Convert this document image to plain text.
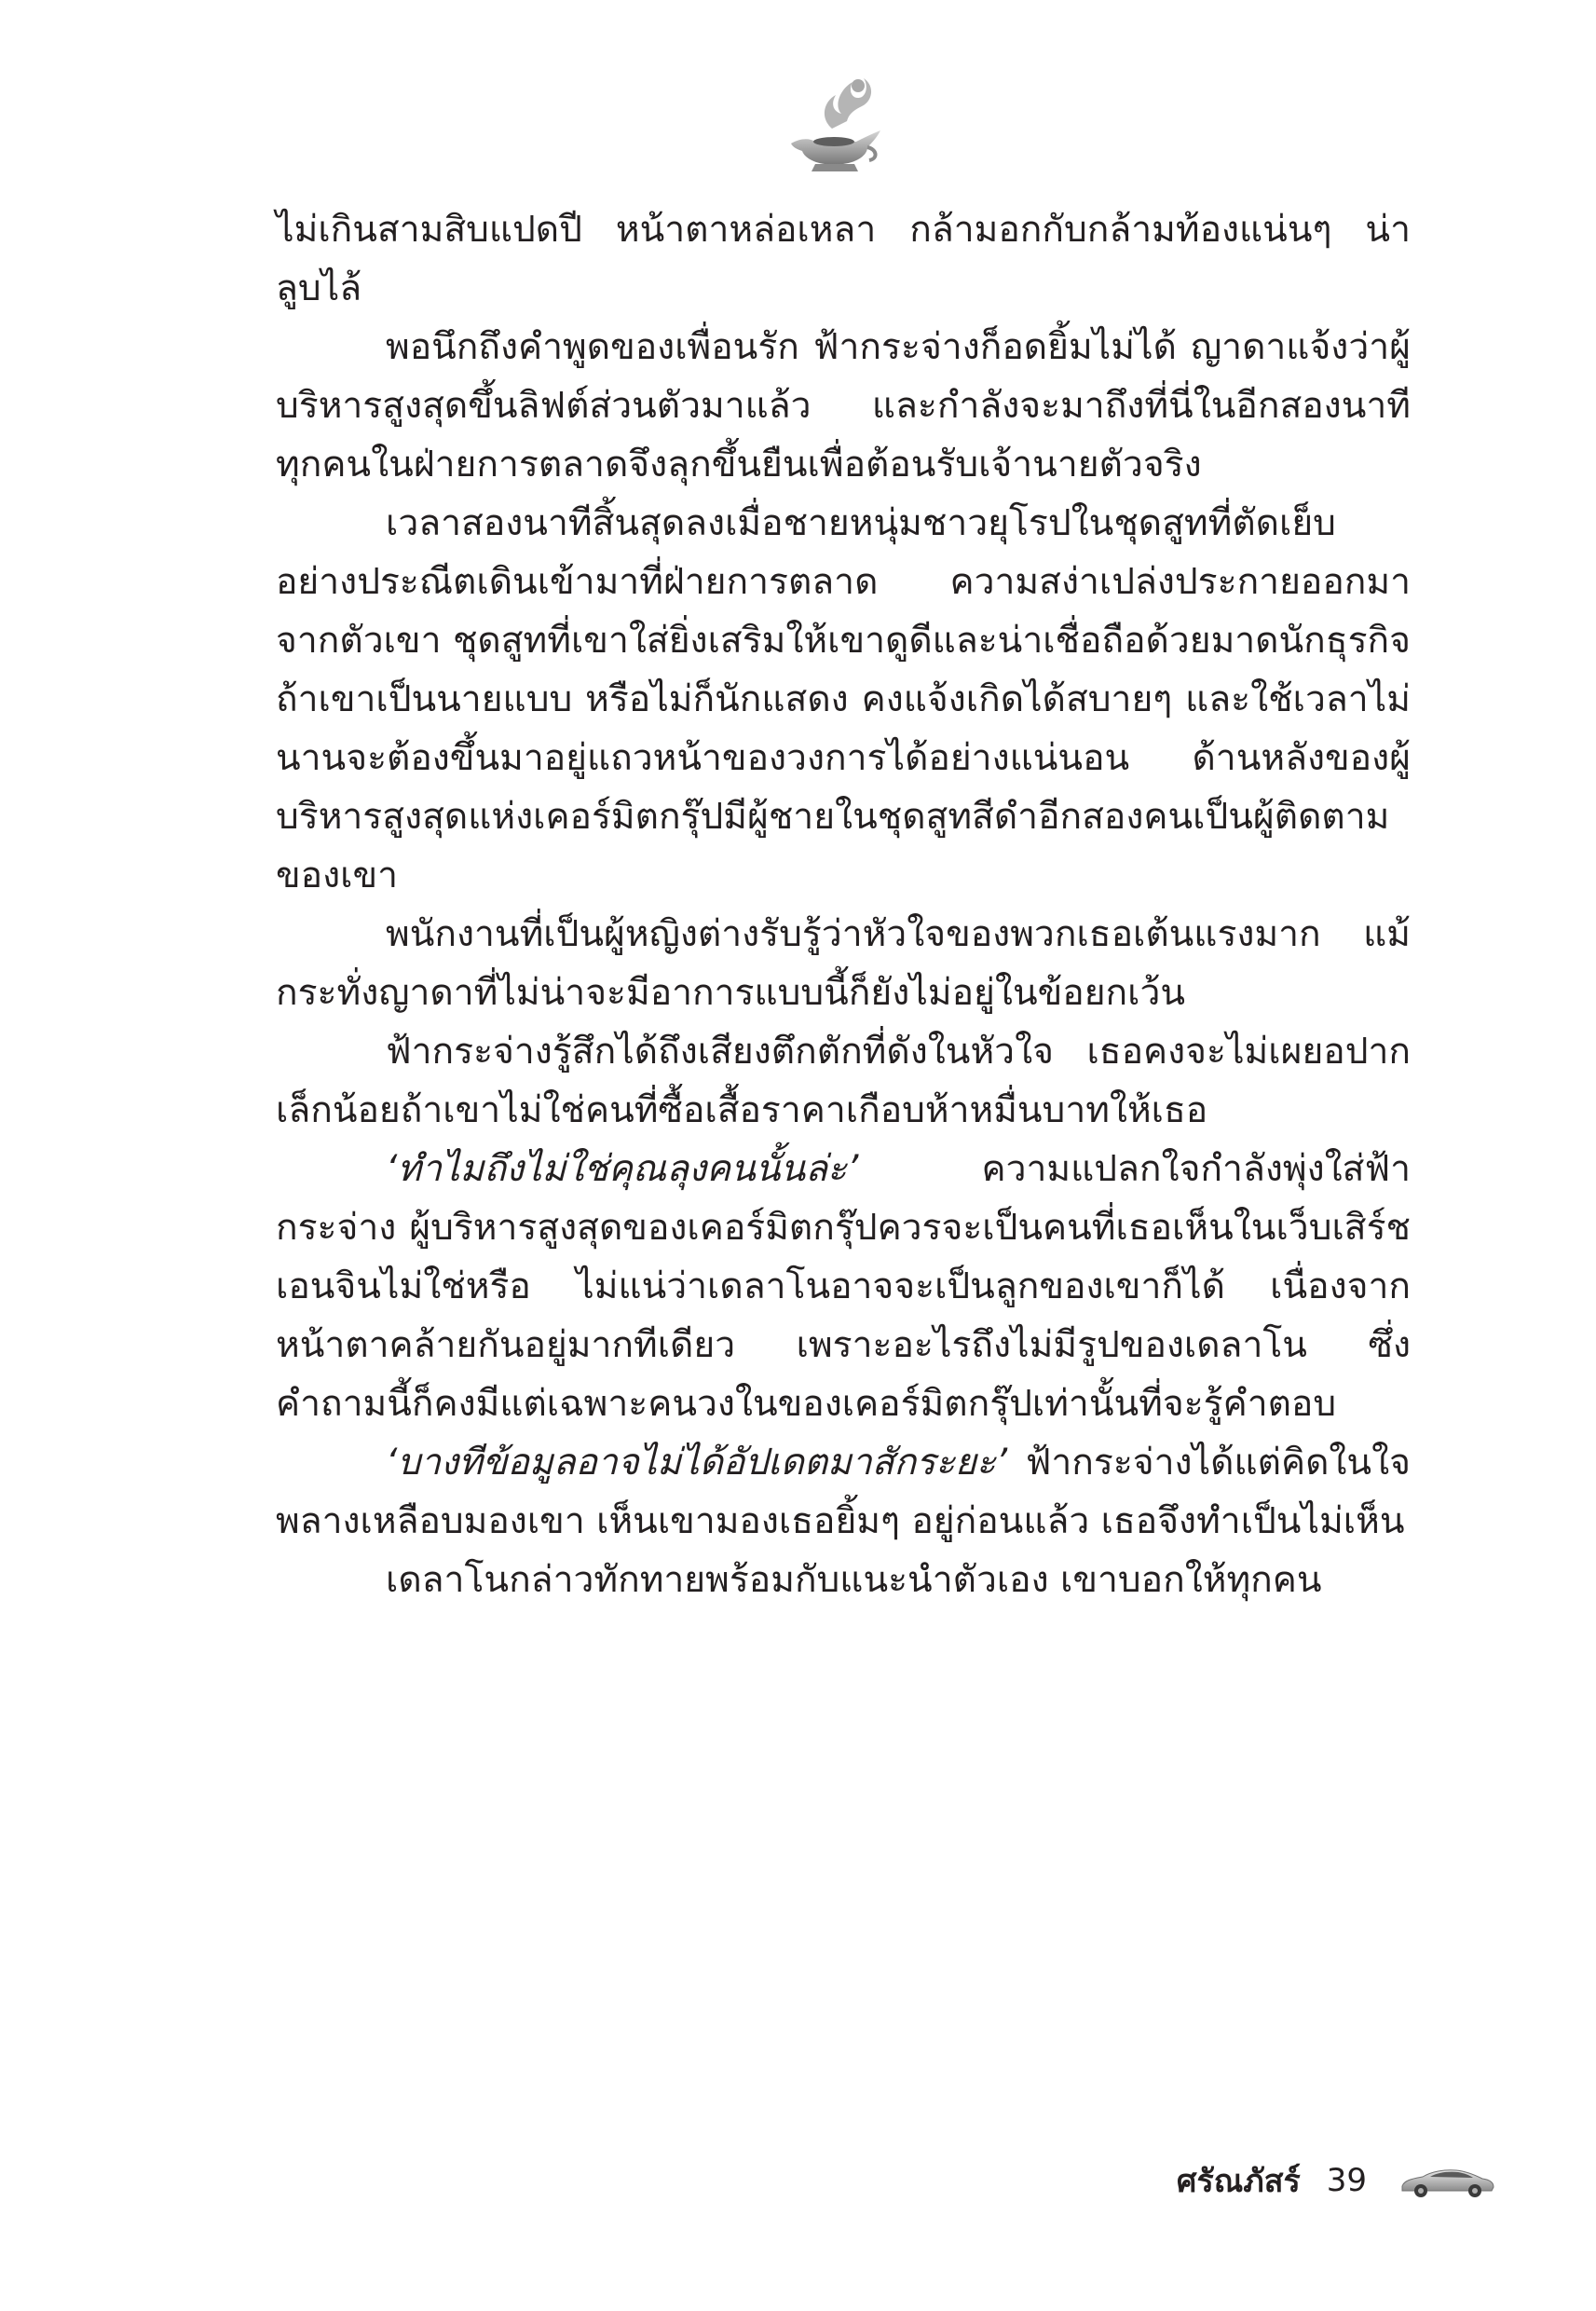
ไม่เกินสามสิบแปดปี หน้าตาหล่อเหลา กล้ามอกกับกล้ามท้องแน่นๆ น่าลูบไล้

พอนึกถึงคำพูดของเพื่อนรัก ฟ้ากระจ่างก็อดยิ้มไม่ได้ ญาดาแจ้งว่าผู้บริหารสูงสุดขึ้นลิฟต์ส่วนตัวมาแล้ว และกำลังจะมาถึงที่นี่ในอีกสองนาที ทุกคนในฝ่ายการตลาดจึงลุกขึ้นยืนเพื่อต้อนรับเจ้านายตัวจริง

เวลาสองนาทีสิ้นสุดลงเมื่อชายหนุ่มชาวยุโรปในชุดสูทที่ตัดเย็บอย่างประณีตเดินเข้ามาที่ฝ่ายการตลาด ความสง่าเปล่งประกายออกมาจากตัวเขา ชุดสูทที่เขาใส่ยิ่งเสริมให้เขาดูดีและน่าเชื่อถือด้วยมาดนักธุรกิจ ถ้าเขาเป็นนายแบบ หรือไม่ก็นักแสดง คงแจ้งเกิดได้สบายๆ และใช้เวลาไม่นานจะต้องขึ้นมาอยู่แถวหน้าของวงการได้อย่างแน่นอน ด้านหลังของผู้บริหารสูงสุดแห่งเคอร์มิตกรุ๊ปมีผู้ชายในชุดสูทสีดำอีกสองคนเป็นผู้ติดตามของเขา

พนักงานที่เป็นผู้หญิงต่างรับรู้ว่าหัวใจของพวกเธอเต้นแรงมาก แม้กระทั่งญาดาที่ไม่น่าจะมีอาการแบบนี้ก็ยังไม่อยู่ในข้อยกเว้น

ฟ้ากระจ่างรู้สึกได้ถึงเสียงตึกตักที่ดังในหัวใจ เธอคงจะไม่เผยอปากเล็กน้อยถ้าเขาไม่ใช่คนที่ซื้อเสื้อราคาเกือบห้าหมื่นบาทให้เธอ

‘ทำไมถึงไม่ใช่คุณลุงคนนั้นล่ะ’ ความแปลกใจกำลังพุ่งใส่ฟ้ากระจ่าง ผู้บริหารสูงสุดของเคอร์มิตกรุ๊ปควรจะเป็นคนที่เธอเห็นในเว็บเสิร์ชเอนจินไม่ใช่หรือ ไม่แน่ว่าเดลาโนอาจจะเป็นลูกของเขาก็ได้ เนื่องจากหน้าตาคล้ายกันอยู่มากทีเดียว เพราะอะไรถึงไม่มีรูปของเดลาโน ซึ่งคำถามนี้ก็คงมีแต่เฉพาะคนวงในของเคอร์มิตกรุ๊ปเท่านั้นที่จะรู้คำตอบ

‘บางทีข้อมูลอาจไม่ได้อัปเดตมาสักระยะ’ ฟ้ากระจ่างได้แต่คิดในใจ พลางเหลือบมองเขา เห็นเขามองเธอยิ้มๆ อยู่ก่อนแล้ว เธอจึงทำเป็นไม่เห็น

เดลาโนกล่าวทักทายพร้อมกับแนะนำตัวเอง เขาบอกให้ทุกคน

ศรัณภัสร์ 39
